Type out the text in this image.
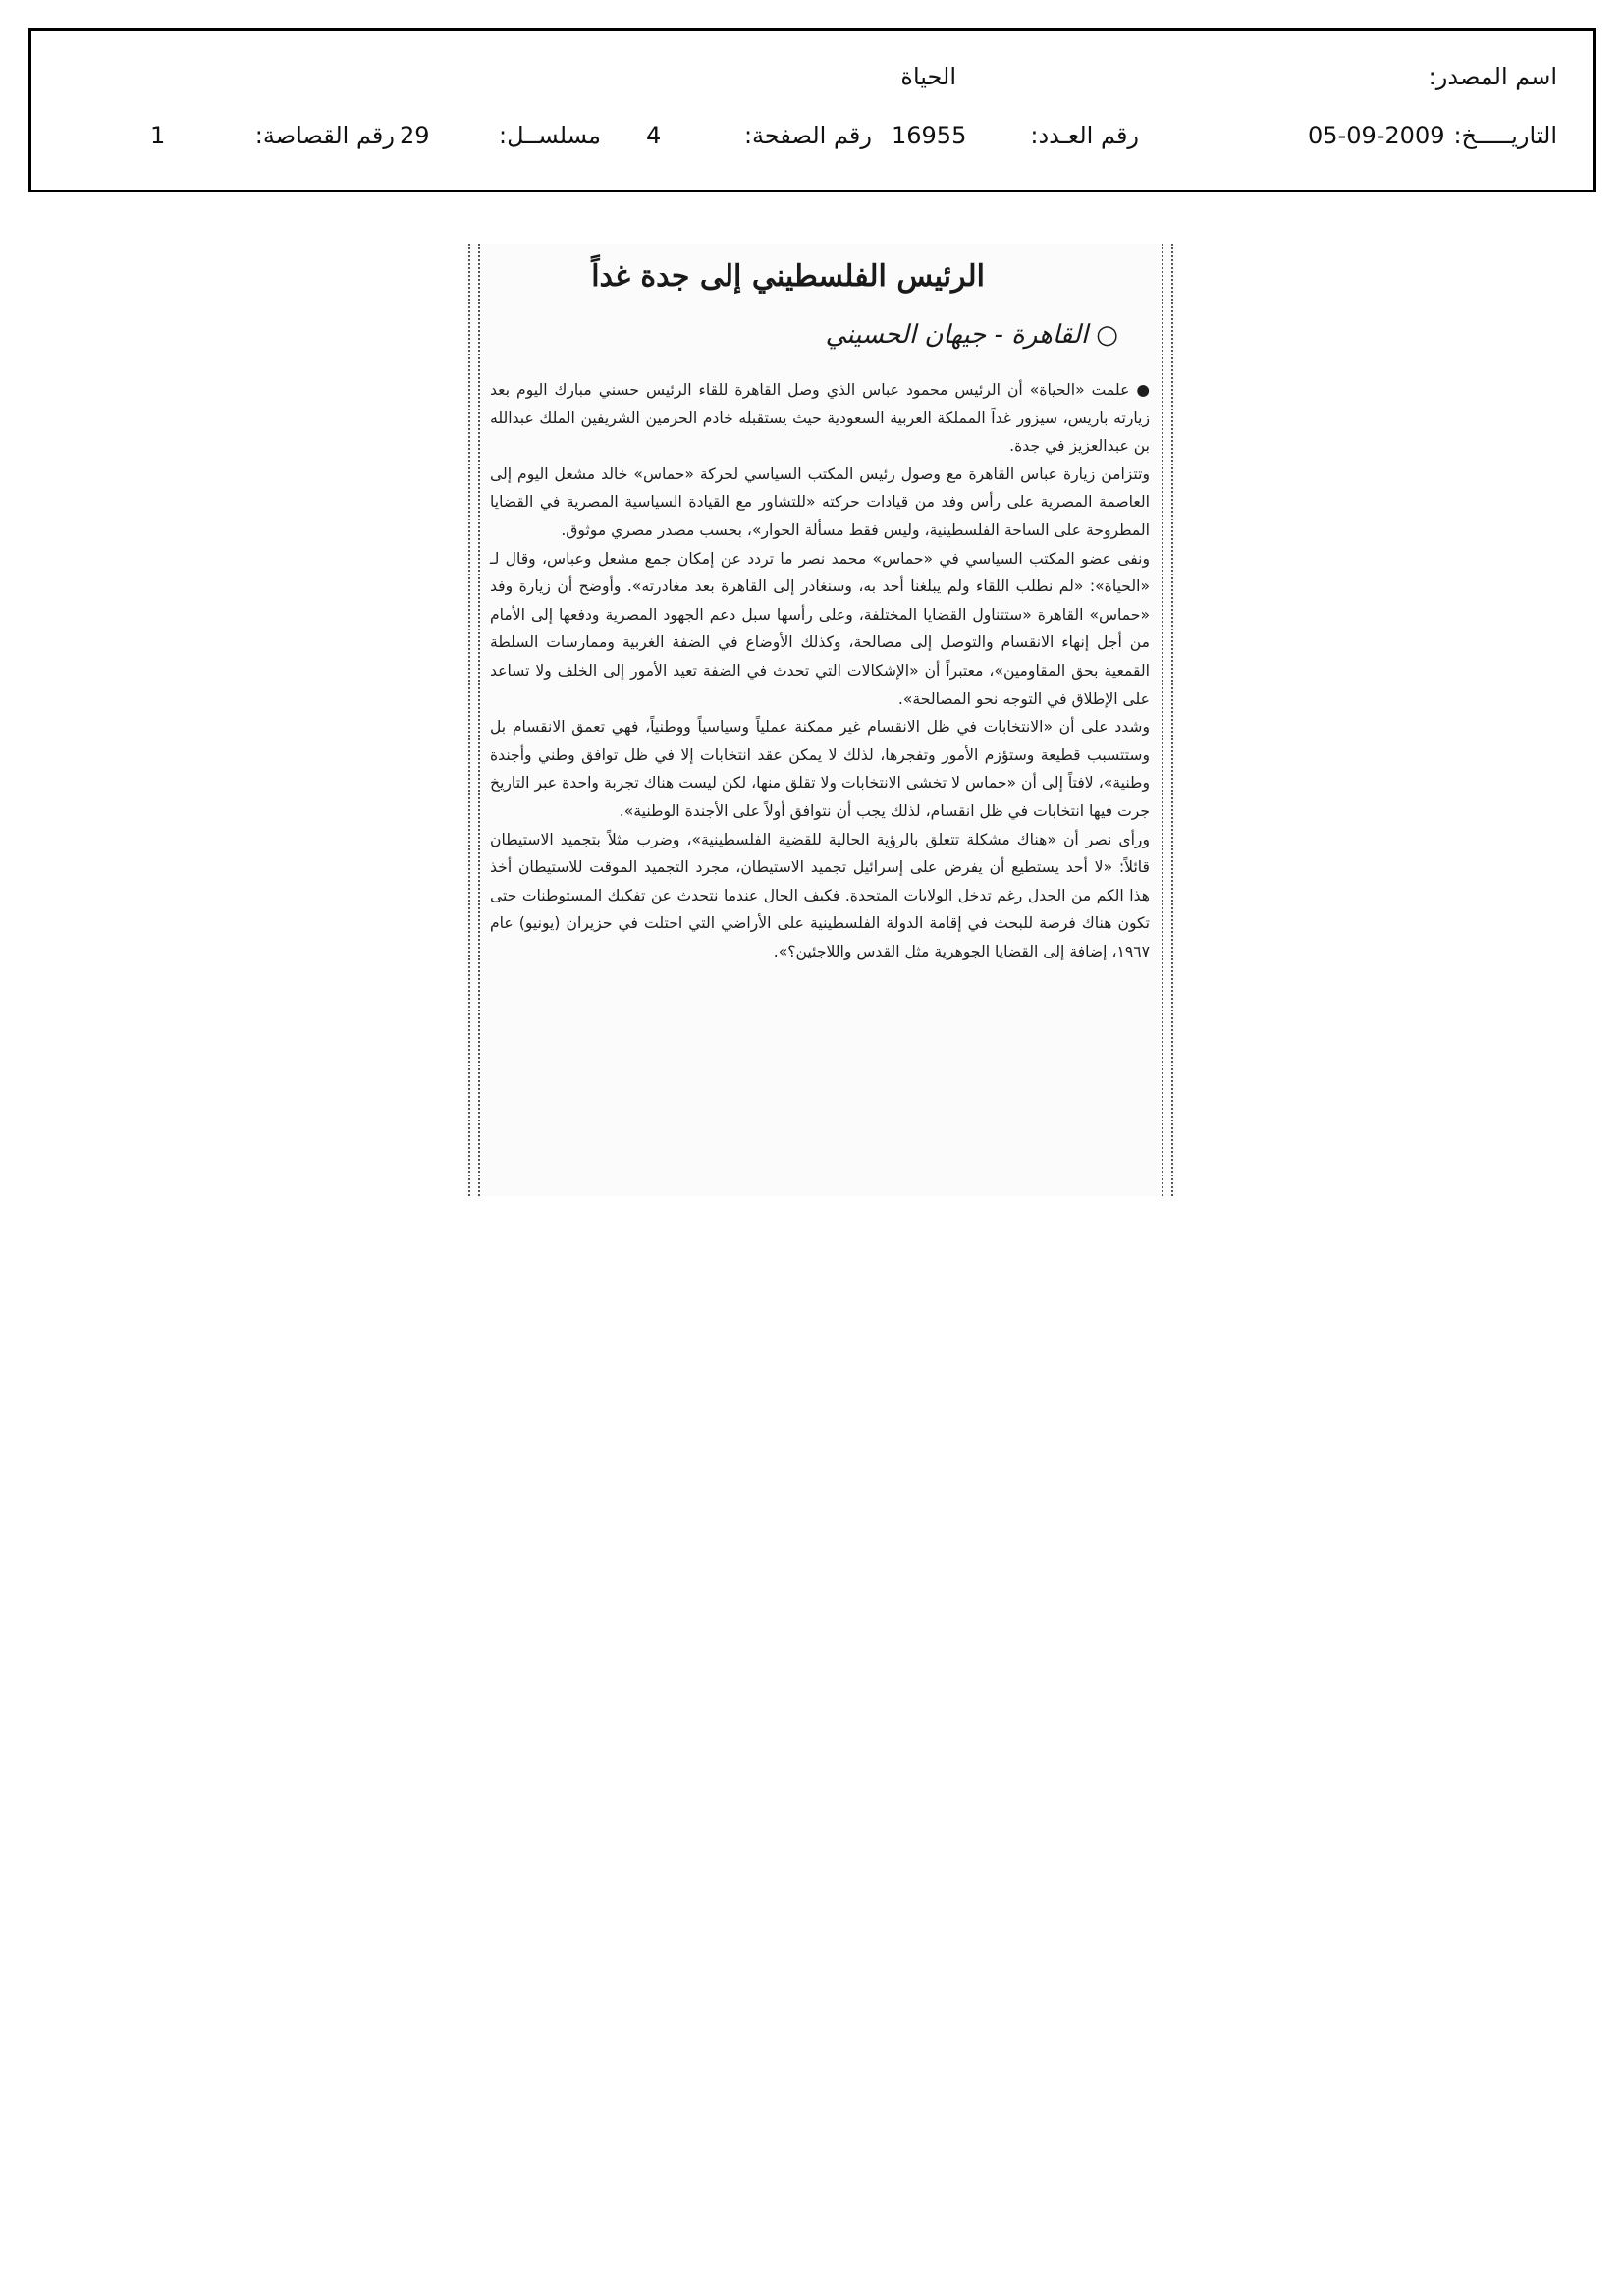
اسم المصدر:
الحياة
التاريـــــخ:
05-09-2009
رقم العـدد:
16955
رقم الصفحة:
4
مسلســل:
29
رقم القصاصة:
1
الرئيس الفلسطيني إلى جدة غداً
○ القاهرة - جيهان الحسيني

● علمت «الحياة» أن الرئيس محمود عباس الذي وصل القاهرة للقاء الرئيس حسني مبارك اليوم بعد زيارته باريس، سيزور غداً المملكة العربية السعودية حيث يستقبله خادم الحرمين الشريفين الملك عبدالله بن عبدالعزيز في جدة.

وتتزامن زيارة عباس القاهرة مع وصول رئيس المكتب السياسي لحركة «حماس» خالد مشعل اليوم إلى العاصمة المصرية على رأس وفد من قيادات حركته «للتشاور مع القيادة السياسية المصرية في القضايا المطروحة على الساحة الفلسطينية، وليس فقط مسألة الحوار»، بحسب مصدر مصري موثوق.

ونفى عضو المكتب السياسي في «حماس» محمد نصر ما تردد عن إمكان جمع مشعل وعباس، وقال لـ «الحياة»: «لم نطلب اللقاء ولم يبلغنا أحد به، وسنغادر إلى القاهرة بعد مغادرته». وأوضح أن زيارة وفد «حماس» القاهرة «ستتناول القضايا المختلفة، وعلى رأسها سبل دعم الجهود المصرية ودفعها إلى الأمام من أجل إنهاء الانقسام والتوصل إلى مصالحة، وكذلك الأوضاع في الضفة الغربية وممارسات السلطة القمعية بحق المقاومين»، معتبراً أن «الإشكالات التي تحدث في الضفة تعيد الأمور إلى الخلف ولا تساعد على الإطلاق في التوجه نحو المصالحة».

وشدد على أن «الانتخابات في ظل الانقسام غير ممكنة عملياً وسياسياً ووطنياً، فهي تعمق الانقسام بل وستتسبب قطيعة وستؤزم الأمور وتفجرها، لذلك لا يمكن عقد انتخابات إلا في ظل توافق وطني وأجندة وطنية»، لافتاً إلى أن «حماس لا تخشى الانتخابات ولا تقلق منها، لكن ليست هناك تجربة واحدة عبر التاريخ جرت فيها انتخابات في ظل انقسام، لذلك يجب أن نتوافق أولاً على الأجندة الوطنية».

ورأى نصر أن «هناك مشكلة تتعلق بالرؤية الحالية للقضية الفلسطينية»، وضرب مثلاً بتجميد الاستيطان قائلاً: «لا أحد يستطيع أن يفرض على إسرائيل تجميد الاستيطان، مجرد التجميد الموقت للاستيطان أخذ هذا الكم من الجدل رغم تدخل الولايات المتحدة. فكيف الحال عندما نتحدث عن تفكيك المستوطنات حتى تكون هناك فرصة للبحث في إقامة الدولة الفلسطينية على الأراضي التي احتلت في حزيران (يونيو) عام ١٩٦٧، إضافة إلى القضايا الجوهرية مثل القدس واللاجئين؟».
